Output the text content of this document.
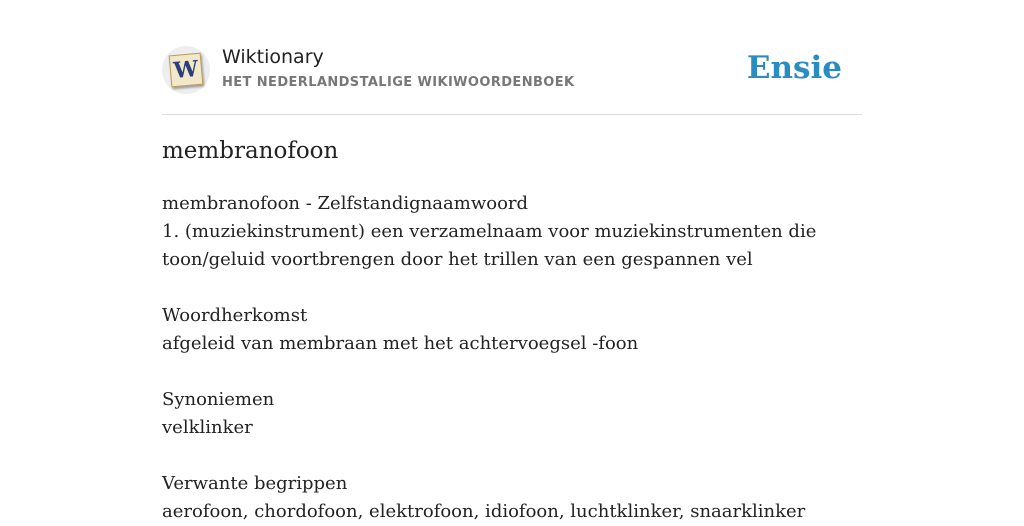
W Wiktionary
HET NEDERLANDSTALIGE WIKIWOORDENBOEK	Ensie
membranofoon

membranofoon - Zelfstandignaamwoord

1. (muziekinstrument) een verzamelnaam voor muziekinstrumenten die

toon/geluid voortbrengen door het trillen van een gespannen vel

Woordherkomst

afgeleid van membraan met het achtervoegsel -foon

Synoniemen

velklinker

Verwante begrippen

aerofoon, chordofoon, elektrofoon, idiofoon, luchtklinker, snaarklinker
